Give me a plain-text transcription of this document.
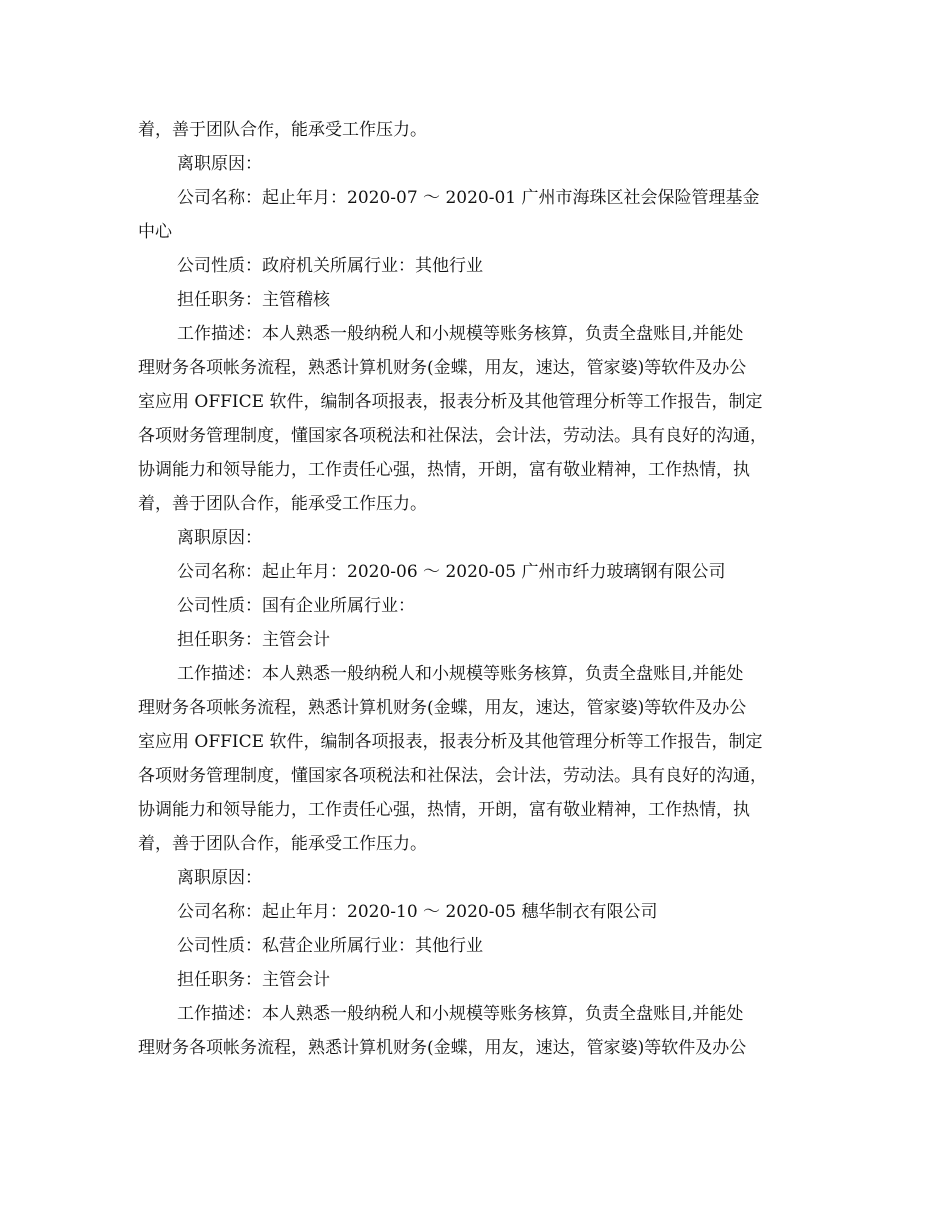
着，善于团队合作，能承受工作压力。
离职原因：
公司名称：起止年月：2020-07 ～ 2020-01 广州市海珠区社会保险管理基金
中心
公司性质：政府机关所属行业：其他行业
担任职务：主管稽核
工作描述：本人熟悉一般纳税人和小规模等账务核算，负责全盘账目,并能处
理财务各项帐务流程，熟悉计算机财务(金蝶，用友，速达，管家婆)等软件及办公
室应用 OFFICE 软件，编制各项报表，报表分析及其他管理分析等工作报告，制定
各项财务管理制度，懂国家各项税法和社保法，会计法，劳动法。具有良好的沟通，
协调能力和领导能力，工作责任心强，热情，开朗，富有敬业精神，工作热情，执
着，善于团队合作，能承受工作压力。
离职原因：
公司名称：起止年月：2020-06 ～ 2020-05 广州市纤力玻璃钢有限公司
公司性质：国有企业所属行业：
担任职务：主管会计
工作描述：本人熟悉一般纳税人和小规模等账务核算，负责全盘账目,并能处
理财务各项帐务流程，熟悉计算机财务(金蝶，用友，速达，管家婆)等软件及办公
室应用 OFFICE 软件，编制各项报表，报表分析及其他管理分析等工作报告，制定
各项财务管理制度，懂国家各项税法和社保法，会计法，劳动法。具有良好的沟通，
协调能力和领导能力，工作责任心强，热情，开朗，富有敬业精神，工作热情，执
着，善于团队合作，能承受工作压力。
离职原因：
公司名称：起止年月：2020-10 ～ 2020-05 穗华制衣有限公司
公司性质：私营企业所属行业：其他行业
担任职务：主管会计
工作描述：本人熟悉一般纳税人和小规模等账务核算，负责全盘账目,并能处
理财务各项帐务流程，熟悉计算机财务(金蝶，用友，速达，管家婆)等软件及办公
